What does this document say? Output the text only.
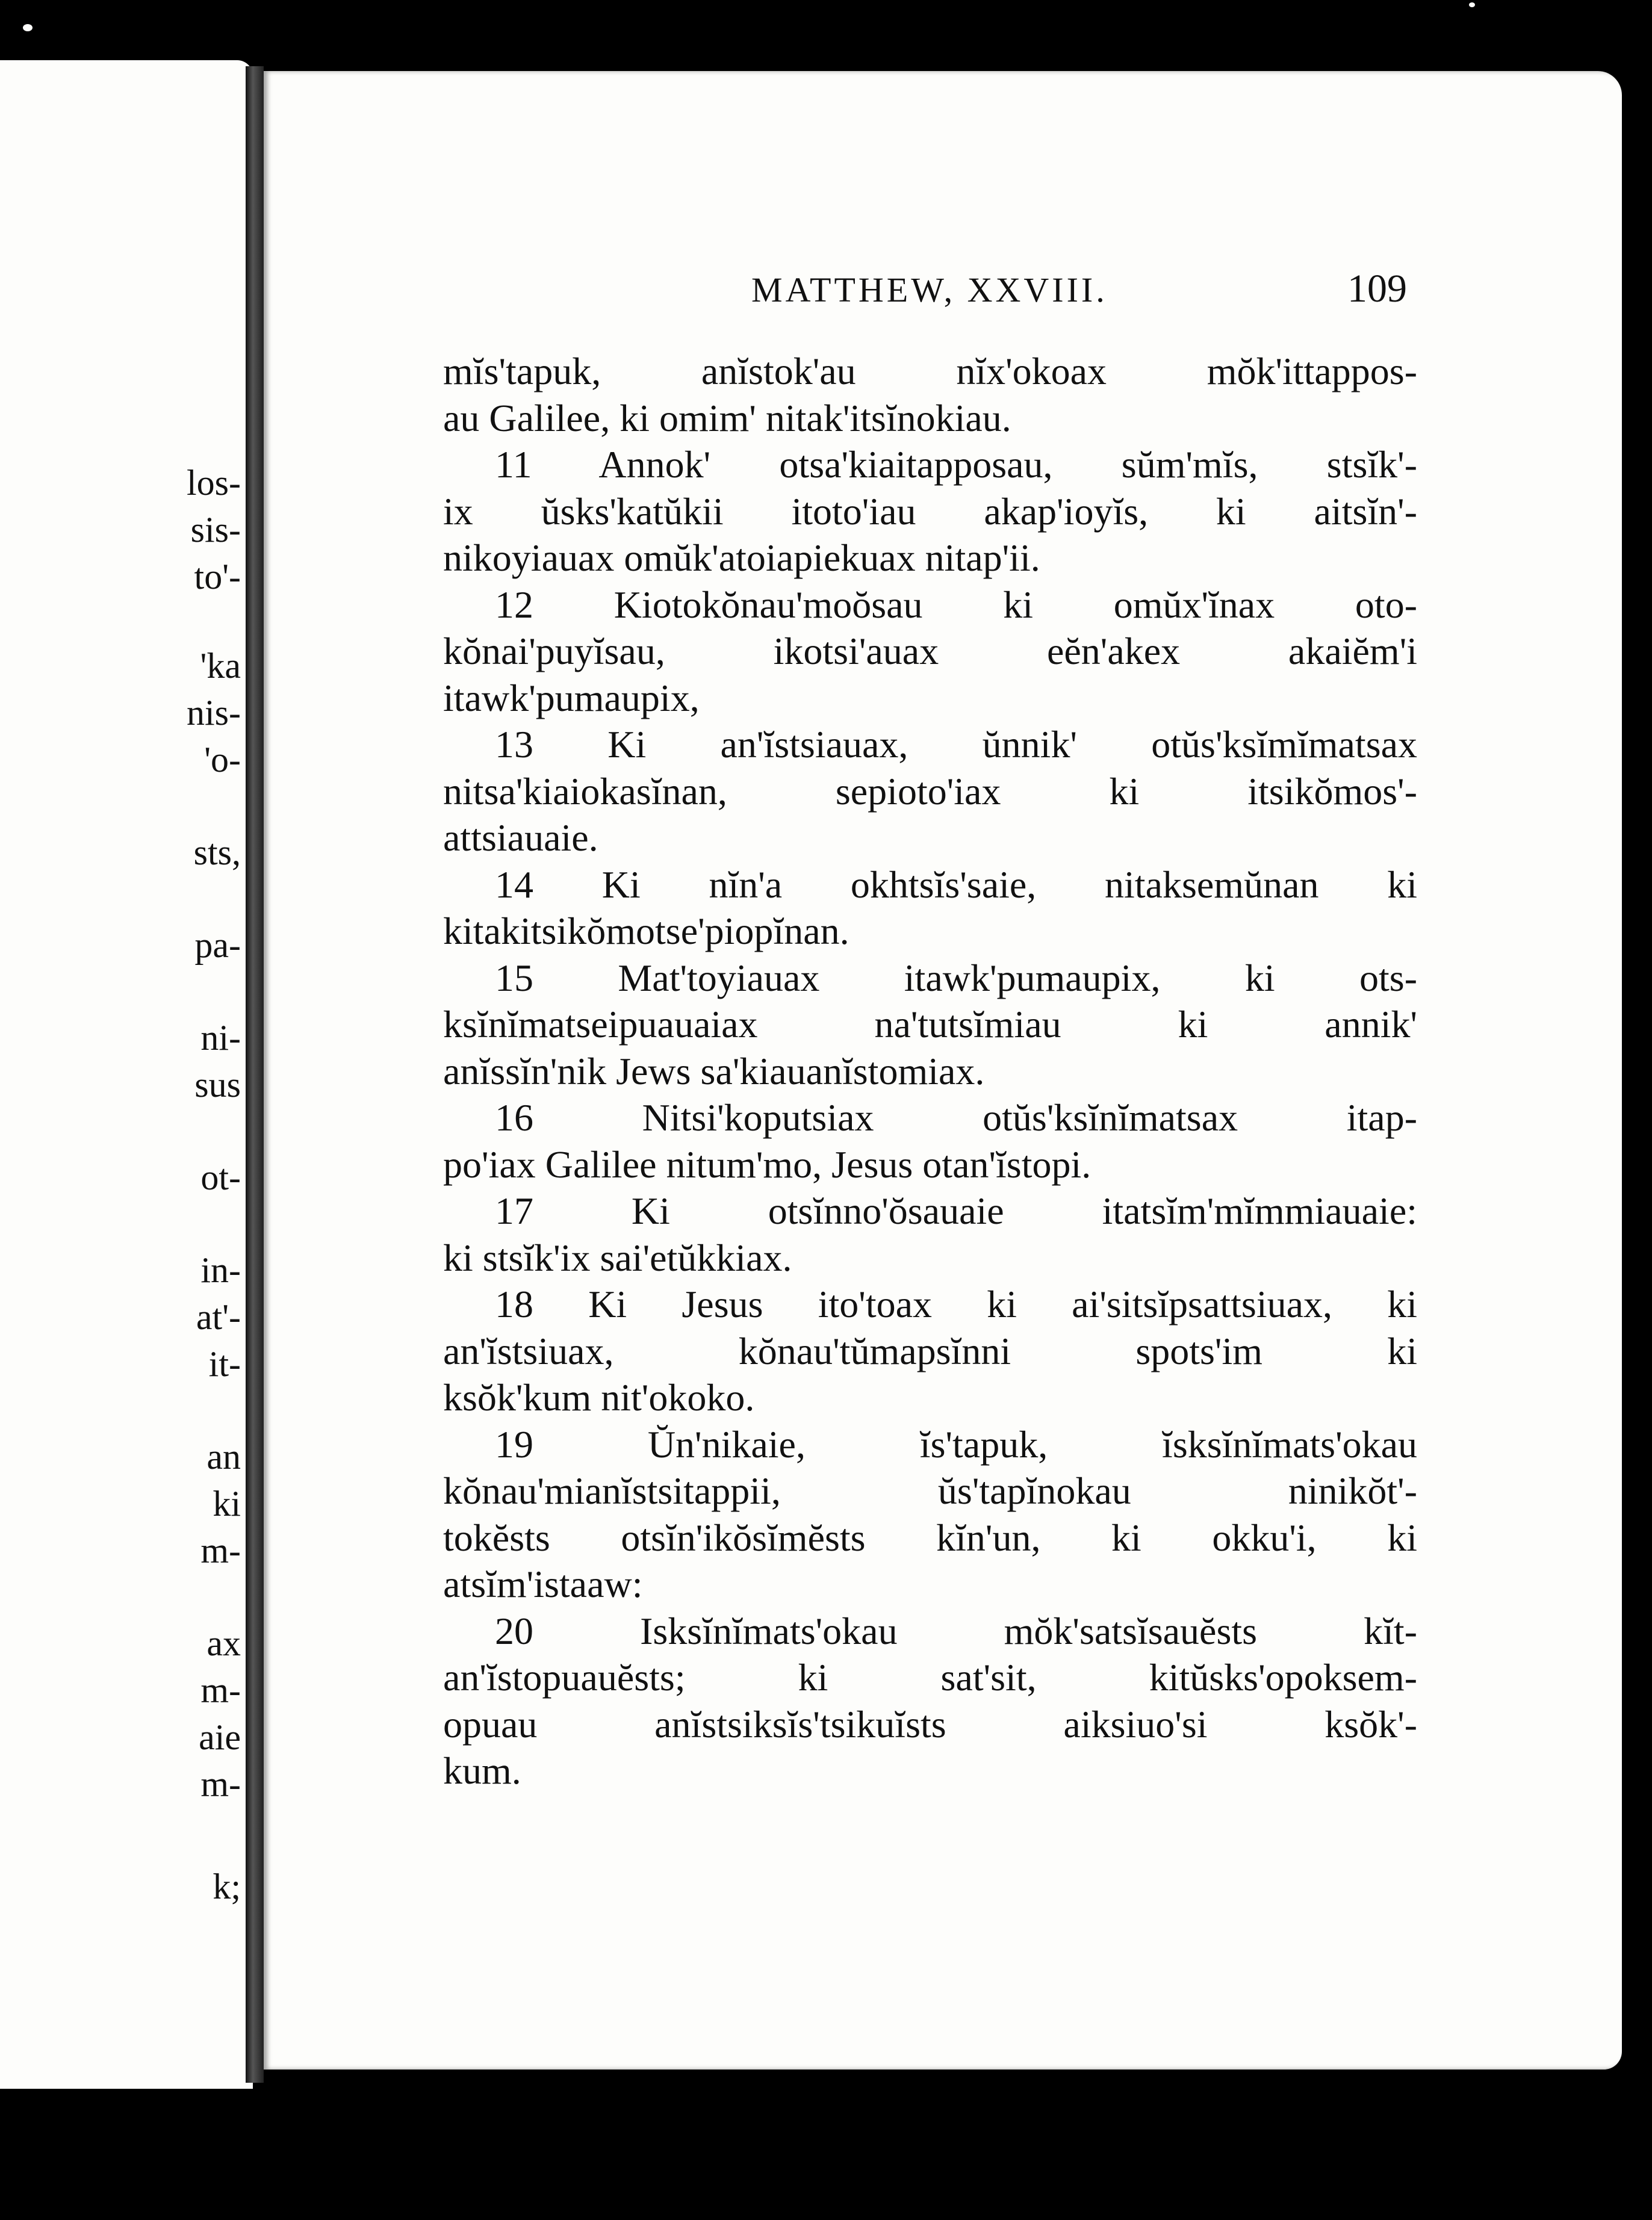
los-
sis-
to'-
'ka
nis-
'o-
sts,
pa-
ni-
sus
ot-
in-
at'-
it-
an
ki
m-
ax
m-
aie
m-
k;
MATTHEW, XXVIII.	109
mĭs'tapuk, anĭstok'au nĭx'okoax mŏk'ittappos-
au Galilee, ki omim' nitak'itsĭnokiau.
11 Annok' otsa'kiaitapposau, sŭm'mĭs, stsĭk'-
ix ŭsks'katŭkii itoto'iau akap'ioyĭs, ki aitsĭn'-
nikoyiauax omŭk'atoiapiekuax nitap'ii.
12 Kiotokŏnau'moŏsau ki omŭx'ĭnax oto-
kŏnai'puyĭsau, ikotsi'auax eĕn'akex akaiĕm'i
itawk'pumaupix,
13 Ki an'ĭstsiauax, ŭnnik' otŭs'ksĭmĭmatsax
nitsa'kiaiokasĭnan, sepioto'iax ki itsikŏmos'-
attsiauaie.
14 Ki nĭn'a okhtsĭs'saie, nitaksemŭnan ki
kitakitsikŏmotse'piopĭnan.
15 Mat'toyiauax itawk'pumaupix, ki ots-
ksĭnĭmatseipuauaiax na'tutsĭmiau ki annik'
anĭssĭn'nik Jews sa'kiauanĭstomiax.
16 Nitsi'koputsiax otŭs'ksĭnĭmatsax itap-
po'iax Galilee nitum'mo, Jesus otan'ĭstopi.
17 Ki otsĭnno'ŏsauaie itatsĭm'mĭmmiauaie:
ki stsĭk'ix sai'etŭkkiax.
18 Ki Jesus ito'toax ki ai'sitsĭpsattsiuax, ki
an'ĭstsiuax, kŏnau'tŭmapsĭnni spots'im ki
ksŏk'kum nit'okoko.
19 Ŭn'nikaie, ĭs'tapuk, ĭsksĭnĭmats'okau
kŏnau'mianĭstsitappii, ŭs'tapĭnokau ninikŏt'-
tokĕsts otsĭn'ikŏsĭmĕsts kĭn'un, ki okku'i, ki
atsĭm'istaaw:
20 Isksĭnĭmats'okau mŏk'satsĭsauĕsts kĭt-
an'ĭstopuauĕsts; ki sat'sit, kitŭsks'opoksem-
opuau anĭstsiksĭs'tsikuĭsts aiksiuo'si ksŏk'-
kum.
